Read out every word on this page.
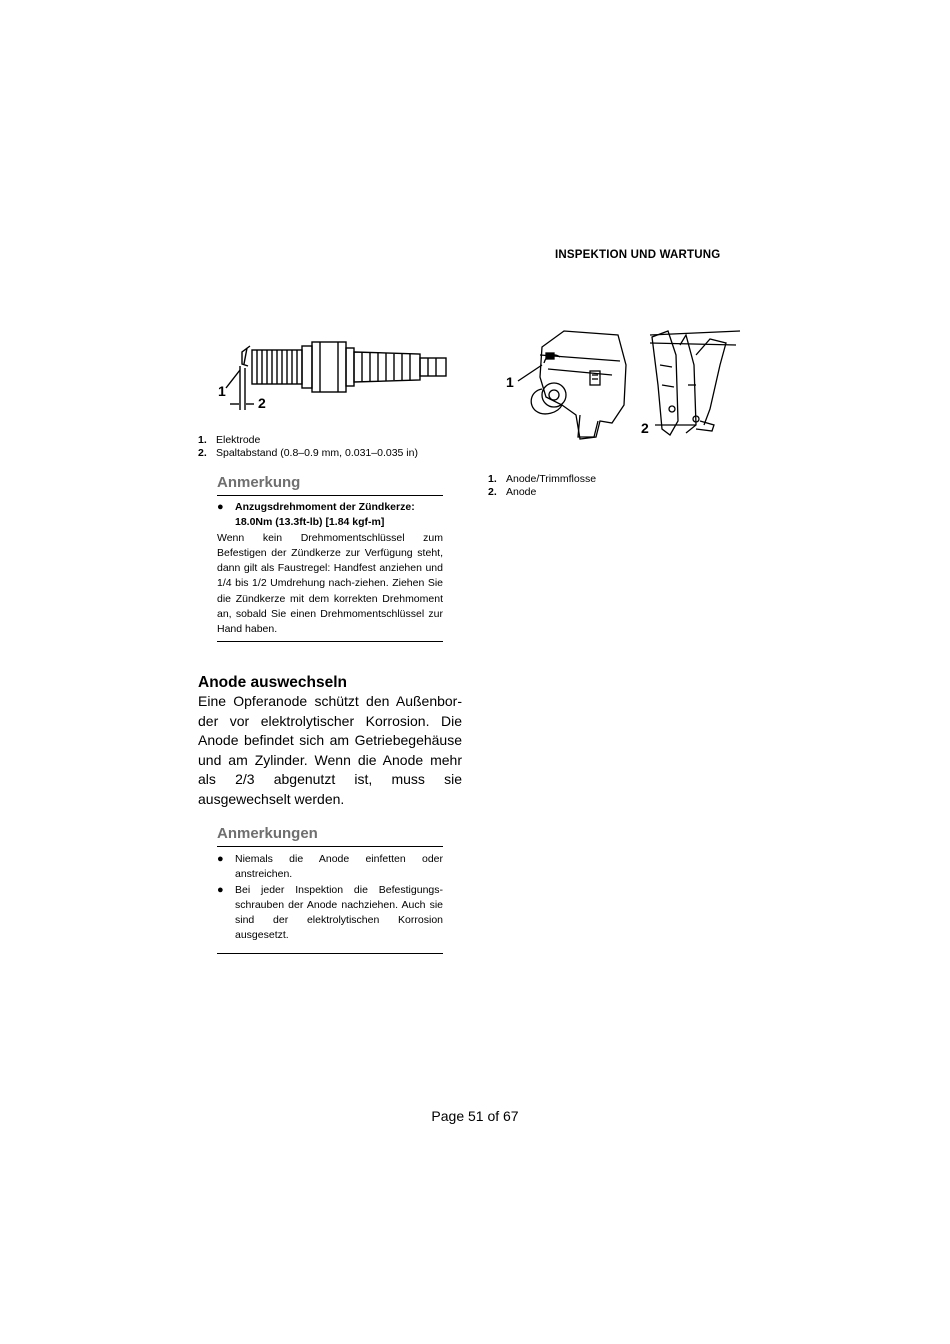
INSPEKTION UND WARTUNG
1
2
1. Elektrode
2. Spaltabstand (0.8–0.9 mm, 0.031–0.035 in)
Anmerkung
●	Anzugsdrehmoment der Zündkerze:
18.0Nm (13.3ft-lb) [1.84 kgf-m]
Wenn kein Drehmomentschlüssel zum Befestigen der Zündkerze zur Verfügung steht, dann gilt als Faustregel: Handfest anziehen und 1/4 bis 1/2 Umdrehung nach-ziehen. Ziehen Sie die Zündkerze mit dem korrekten Drehmoment an, sobald Sie einen Drehmomentschlüssel zur Hand haben.
Anode auswechseln
Eine Opferanode schützt den Außenbor-der vor elektrolytischer Korrosion. Die Anode befindet sich am Getriebegehäuse und am Zylinder. Wenn die Anode mehr als 2/3 abgenutzt ist, muss sie ausgewechselt werden.
Anmerkungen
●	Niemals die Anode einfetten oder anstreichen.
●	Bei jeder Inspektion die Befestigungs-schrauben der Anode nachziehen. Auch sie sind der elektrolytischen Korrosion ausgesetzt.
1
2
1. Anode/Trimmflosse
2. Anode
Page 51 of 67
